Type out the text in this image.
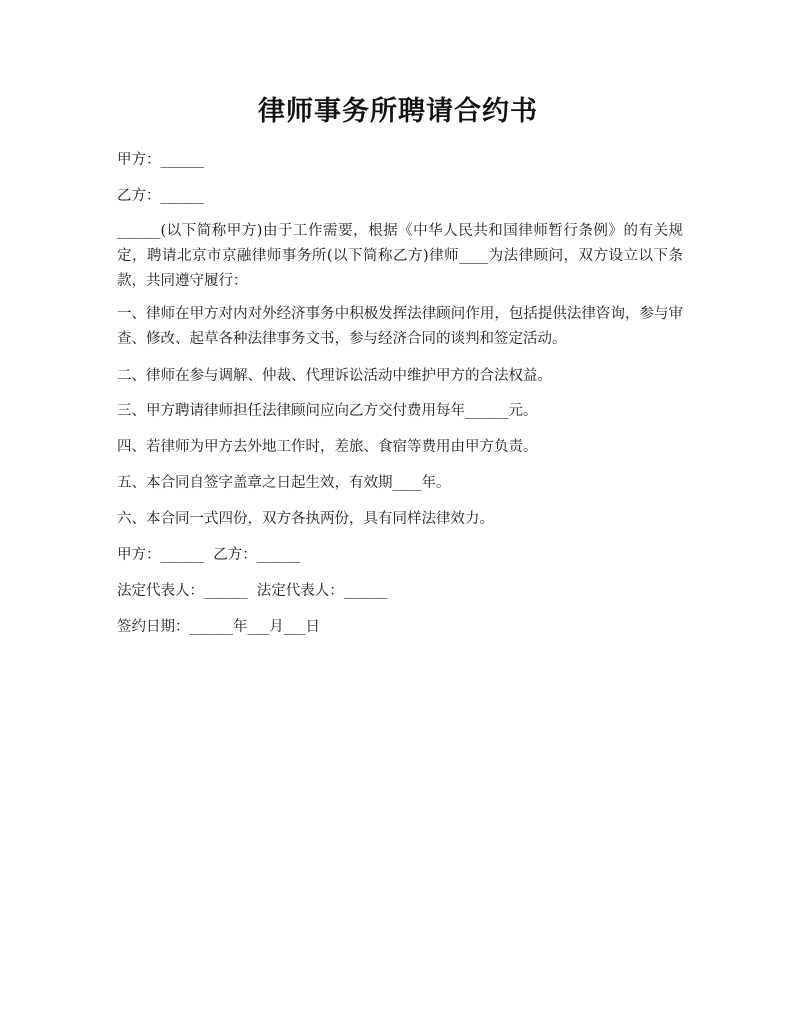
律师事务所聘请合约书

甲方：______

乙方：______

______(以下简称甲方)由于工作需要，根据《中华人民共和国律师暂行条例》的有关规定，聘请北京市京融律师事务所(以下简称乙方)律师____为法律顾问，双方设立以下条款，共同遵守履行：

一、律师在甲方对内对外经济事务中积极发挥法律顾问作用，包括提供法律咨询，参与审查、修改、起草各种法律事务文书，参与经济合同的谈判和签定活动。

二、律师在参与调解、仲裁、代理诉讼活动中维护甲方的合法权益。

三、甲方聘请律师担任法律顾问应向乙方交付费用每年______元。

四、若律师为甲方去外地工作时，差旅、食宿等费用由甲方负责。

五、本合同自签字盖章之日起生效，有效期____年。

六、本合同一式四份，双方各执两份，具有同样法律效力。

甲方：______  乙方：______

法定代表人：______  法定代表人：______

签约日期：______年___月___日
